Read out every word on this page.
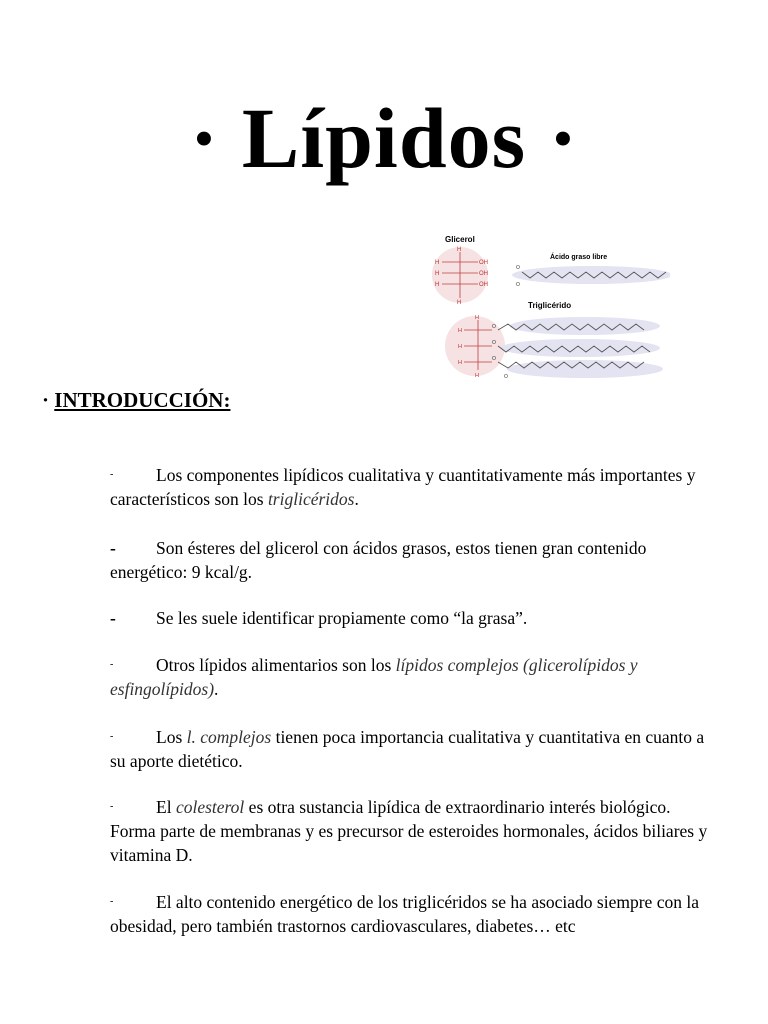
· Lípidos ·
Glicerol
H
H
H
H
OH
OH
OH
H
Ácido graso libre
O
O
Triglicérido
H
H
H
H
H
O
O
O
O
· INTRODUCCIÓN:
- Los componentes lipídicos cualitativa y cuantitativamente más importantes y característicos son los triglicéridos.
- Son ésteres del glicerol con ácidos grasos, estos tienen gran contenido energético: 9 kcal/g.
- Se les suele identificar propiamente como “la grasa”.
- Otros lípidos alimentarios son los lípidos complejos (glicerolípidos y esfingolípidos).
- Los l. complejos tienen poca importancia cualitativa y cuantitativa en cuanto a su aporte dietético.
- El colesterol es otra sustancia lipídica de extraordinario interés biológico. Forma parte de membranas y es precursor de esteroides hormonales, ácidos biliares y vitamina D.
- El alto contenido energético de los triglicéridos se ha asociado siempre con la obesidad, pero también trastornos cardiovasculares, diabetes… etc
